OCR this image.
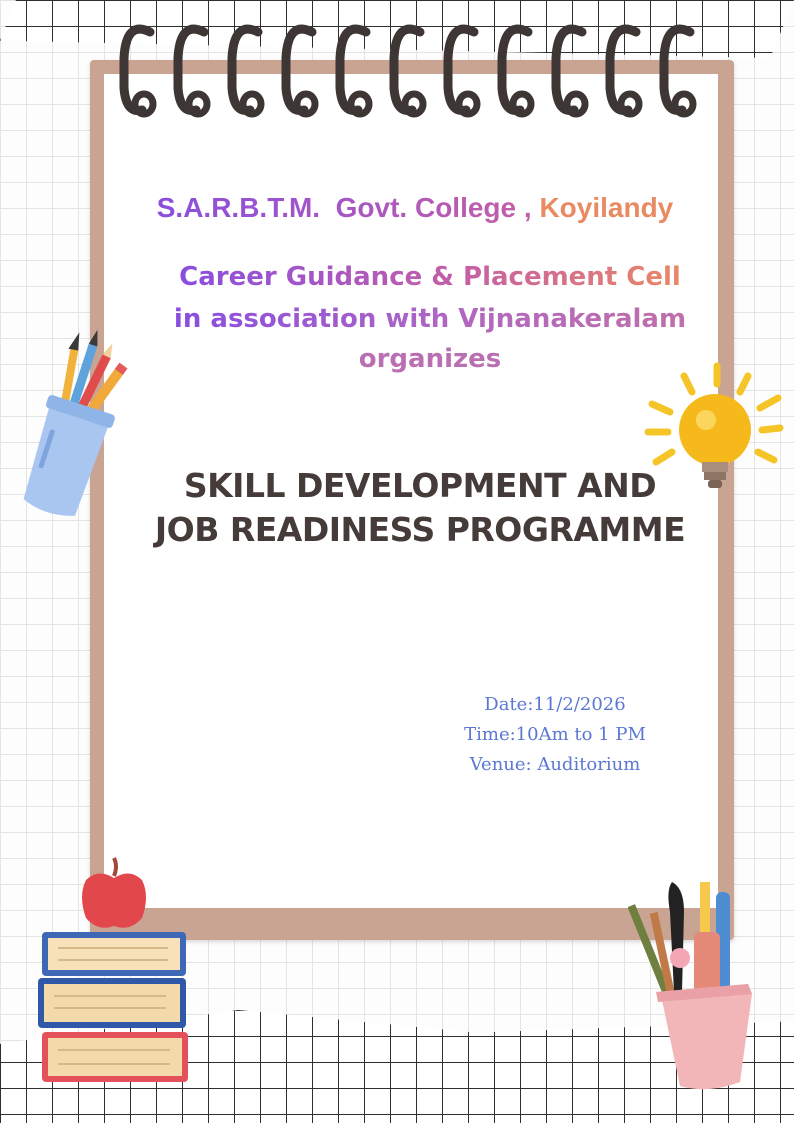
S.A.R.B.T.M.  Govt. College , Koyilandy

Career Guidance & Placement Cell

in association with Vijnanakeralam

organizes

SKILL DEVELOPMENT AND

JOB READINESS PROGRAMME

Date:11/2/2026

Time:10Am to 1 PM

Venue: Auditorium
